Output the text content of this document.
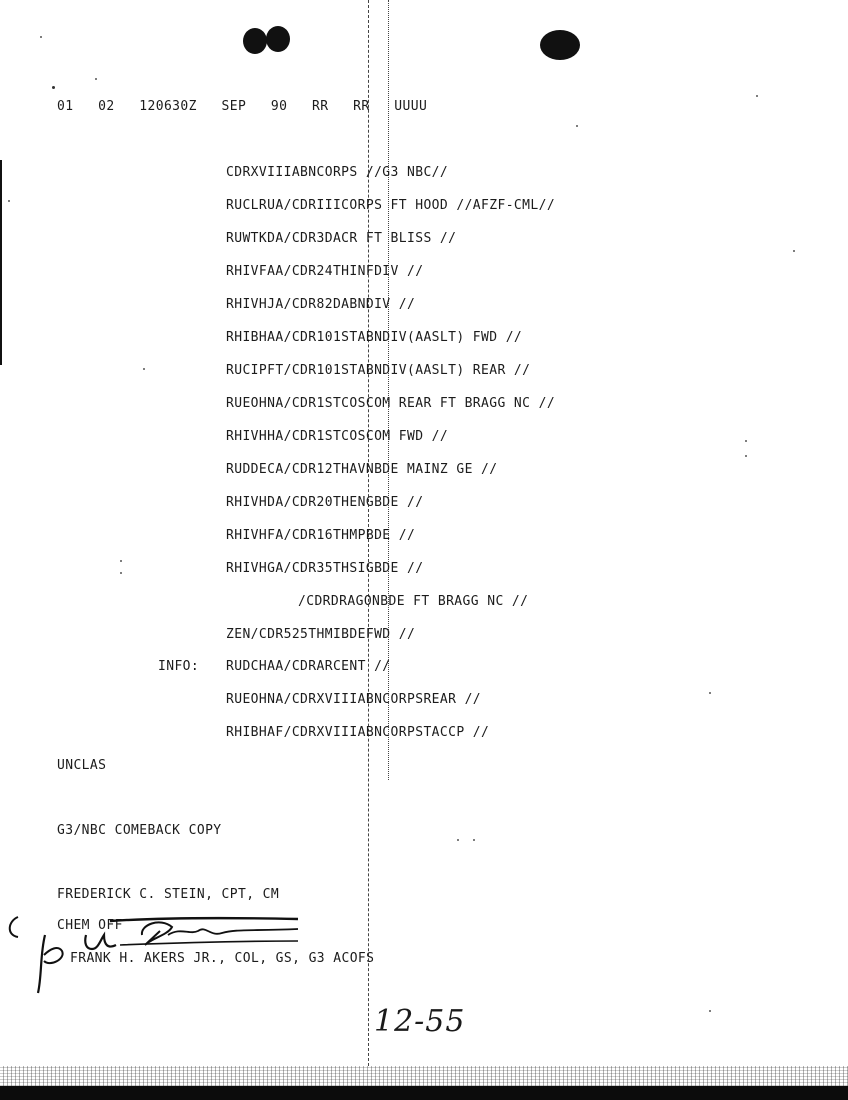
01   02   120630Z   SEP   90   RR   RR   UUUU
CDRXVIIIABNCORPS //G3 NBC//
RUCLRUA/CDRIIICORPS FT HOOD //AFZF-CML//
RUWTKDA/CDR3DACR FT BLISS //
RHIVFAA/CDR24THINFDIV //
RHIVHJA/CDR82DABNDIV //
RHIBHAA/CDR101STABNDIV(AASLT) FWD //
RUCIPFT/CDR101STABNDIV(AASLT) REAR //
RUEOHNA/CDR1STCOSCOM REAR FT BRAGG NC //
RHIVHHA/CDR1STCOSCOM FWD //
RUDDECA/CDR12THAVNBDE MAINZ GE //
RHIVHDA/CDR20THENGBDE //
RHIVHFA/CDR16THMPBDE //
RHIVHGA/CDR35THSIGBDE //
/CDRDRAGONBDE FT BRAGG NC //
ZEN/CDR525THMIBDEFWD //
INFO: RUDCHAA/CDRARCENT //
RUEOHNA/CDRXVIIIABNCORPSREAR //
RHIBHAF/CDRXVIIIABNCORPSTACCP //
UNCLAS
G3/NBC COMEBACK COPY
FREDERICK C. STEIN, CPT, CM
CHEM OFF
FRANK H. AKERS JR., COL, GS, G3 ACOFS
12-55
